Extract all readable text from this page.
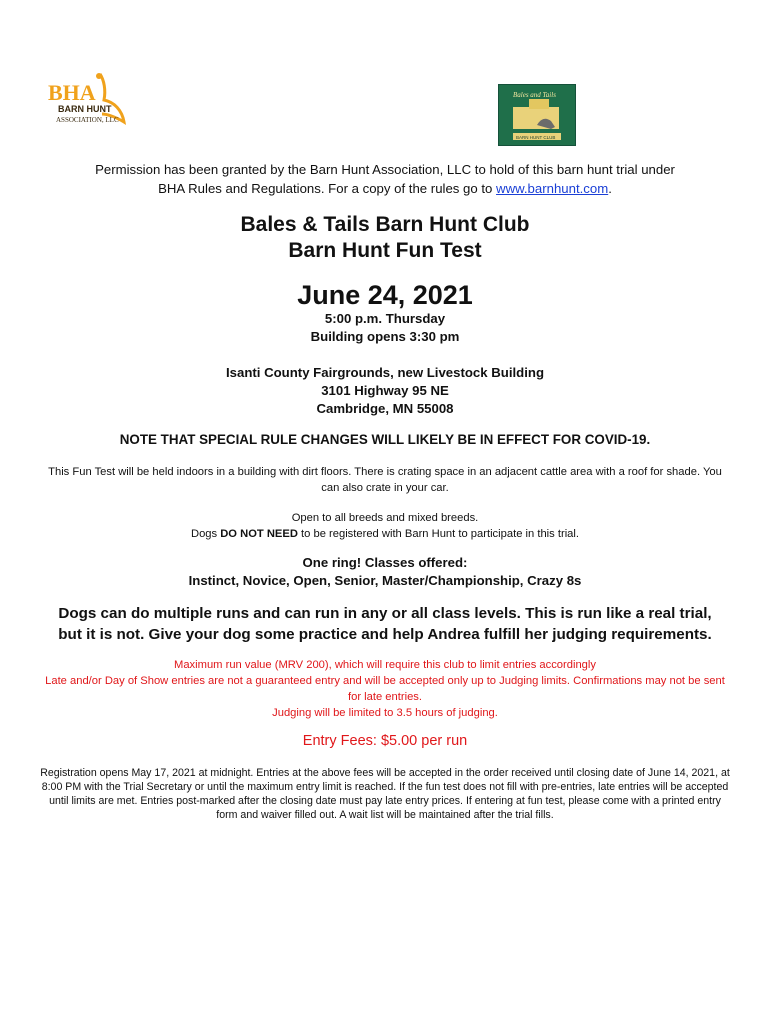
BHA
BARN HUNT
ASSOCIATION, LLC
Bales and Tails
BARN HUNT CLUB
Permission has been granted by the Barn Hunt Association, LLC to hold of this barn hunt trial under
BHA Rules and Regulations. For a copy of the rules go to www.barnhunt.com.
Bales & Tails Barn Hunt Club
Barn Hunt Fun Test
June 24, 2021
5:00 p.m. Thursday
Building opens 3:30 pm
Isanti County Fairgrounds, new Livestock Building
3101 Highway 95 NE
Cambridge, MN 55008
NOTE THAT SPECIAL RULE CHANGES WILL LIKELY BE IN EFFECT FOR COVID-19.
This Fun Test will be held indoors in a building with dirt floors. There is crating space in an adjacent cattle area with a roof for shade. You can also crate in your car.
Open to all breeds and mixed breeds.
Dogs DO NOT NEED to be registered with Barn Hunt to participate in this trial.
One ring! Classes offered:
Instinct, Novice, Open, Senior, Master/Championship, Crazy 8s
Dogs can do multiple runs and can run in any or all class levels. This is run like a real trial,
but it is not. Give your dog some practice and help Andrea fulfill her judging requirements.
Maximum run value (MRV 200), which will require this club to limit entries accordingly
Late and/or Day of Show entries are not a guaranteed entry and will be accepted only up to Judging limits. Confirmations may not be sent for late entries.
Judging will be limited to 3.5 hours of judging.
Entry Fees: $5.00 per run
Registration opens May 17, 2021 at midnight. Entries at the above fees will be accepted in the order received until closing date of June 14, 2021, at 8:00 PM with the Trial Secretary or until the maximum entry limit is reached. If the fun test does not fill with pre-entries, late entries will be accepted until limits are met. Entries post-marked after the closing date must pay late entry prices. If entering at fun test, please come with a printed entry form and waiver filled out. A wait list will be maintained after the trial fills.
